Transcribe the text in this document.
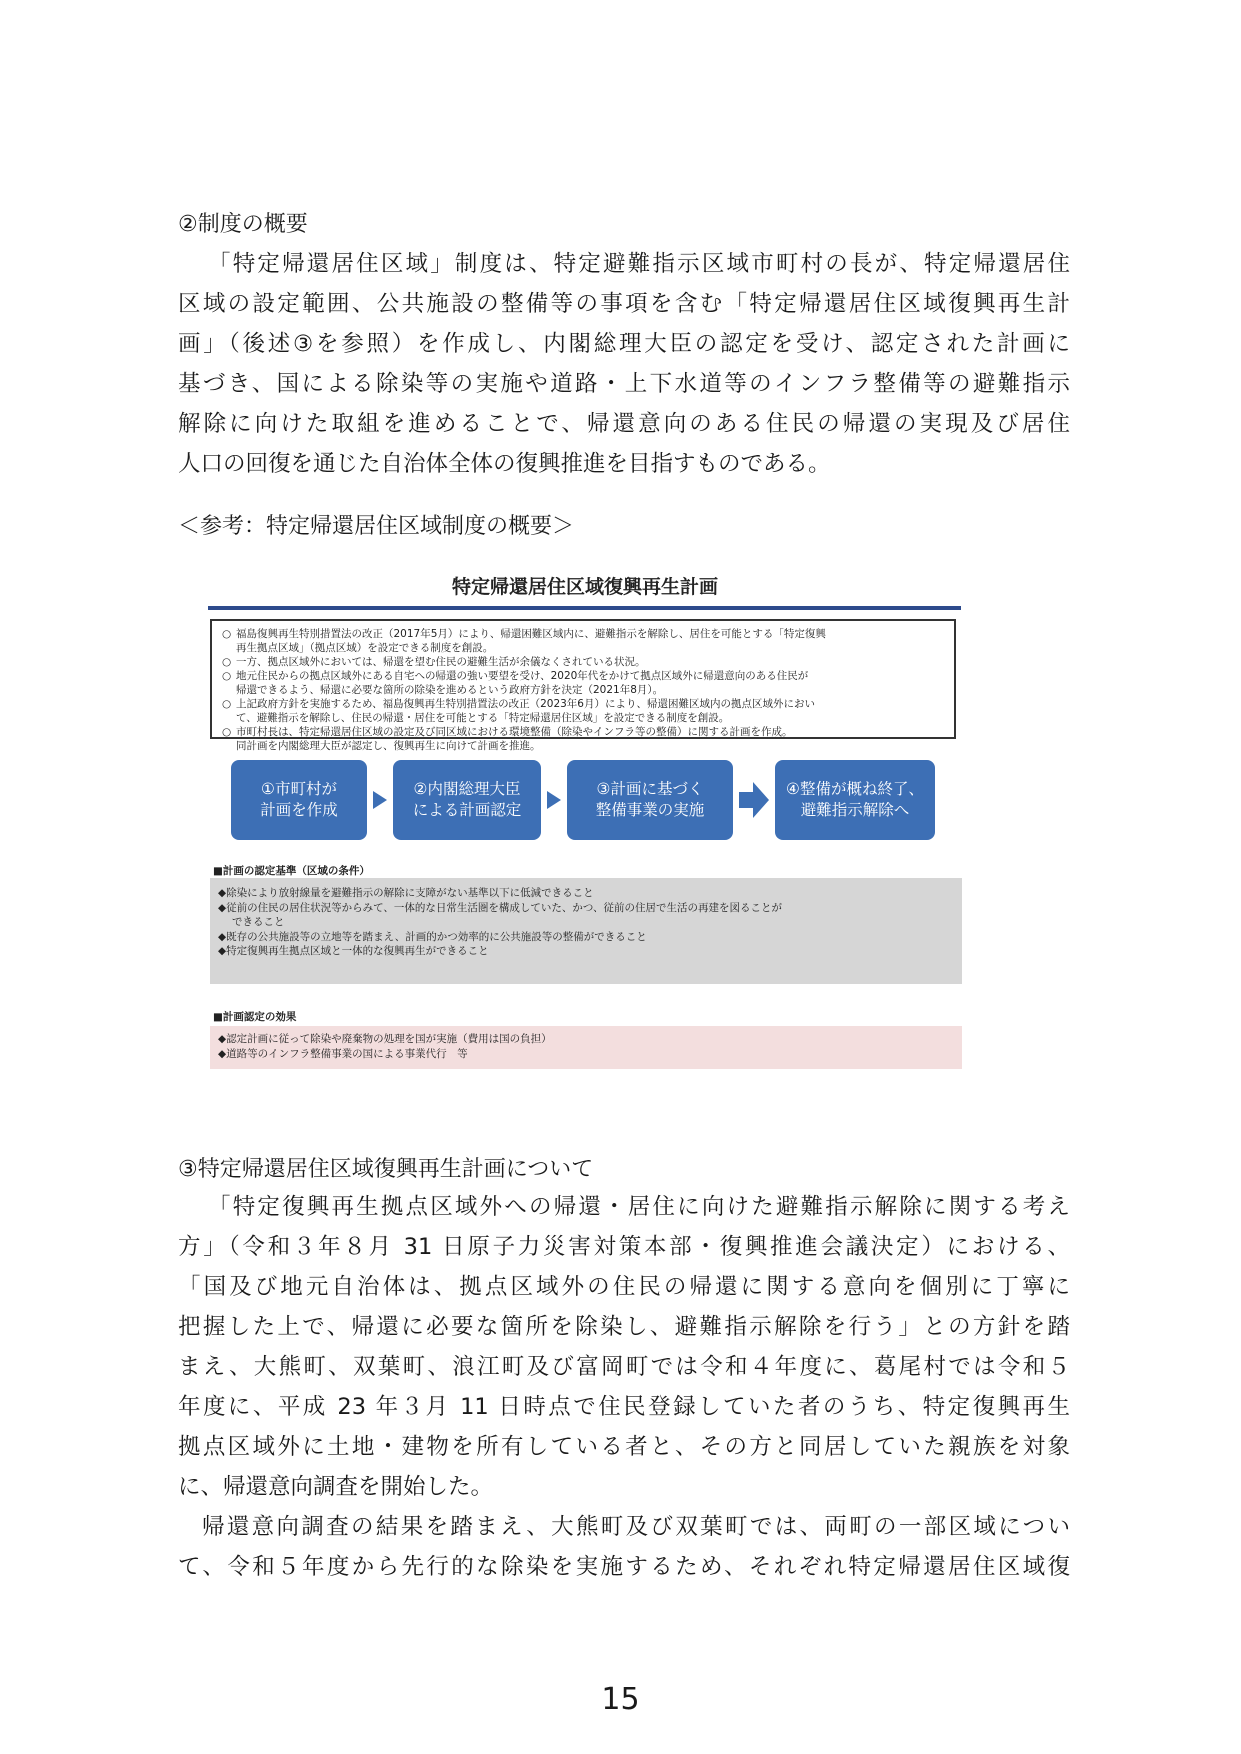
②制度の概要
「特定帰還居住区域」制度は、特定避難指示区域市町村の長が、特定帰還居住
区域の設定範囲、公共施設の整備等の事項を含む「特定帰還居住区域復興再生計
画」（後述③を参照）を作成し、内閣総理大臣の認定を受け、認定された計画に
基づき、国による除染等の実施や道路・上下水道等のインフラ整備等の避難指示
解除に向けた取組を進めることで、帰還意向のある住民の帰還の実現及び居住
人口の回復を通じた自治体全体の復興推進を目指すものである。
＜参考：特定帰還居住区域制度の概要＞
特定帰還居住区域復興再生計画

○ 福島復興再生特別措置法の改正（2017年5月）により、帰還困難区域内に、避難指示を解除し、居住を可能とする「特定復興

再生拠点区域」（拠点区域）を設定できる制度を創設。

○ 一方、拠点区域外においては、帰還を望む住民の避難生活が余儀なくされている状況。

○ 地元住民からの拠点区域外にある自宅への帰還の強い要望を受け、2020年代をかけて拠点区域外に帰還意向のある住民が

帰還できるよう、帰還に必要な箇所の除染を進めるという政府方針を決定（2021年8月）。

○ 上記政府方針を実施するため、福島復興再生特別措置法の改正（2023年6月）により、帰還困難区域内の拠点区域外におい

て、避難指示を解除し、住民の帰還・居住を可能とする「特定帰還居住区域」を設定できる制度を創設。

○ 市町村長は、特定帰還居住区域の設定及び同区域における環境整備（除染やインフラ等の整備）に関する計画を作成。

同計画を内閣総理大臣が認定し、復興再生に向けて計画を推進。

①市町村が
計画を作成
②内閣総理大臣
による計画認定
③計画に基づく
整備事業の実施
④整備が概ね終了、
避難指示解除へ
■計画の認定基準（区域の条件）

◆除染により放射線量を避難指示の解除に支障がない基準以下に低減できること

◆従前の住民の居住状況等からみて、一体的な日常生活圏を構成していた、かつ、従前の住居で生活の再建を図ることが

できること

◆既存の公共施設等の立地等を踏まえ、計画的かつ効率的に公共施設等の整備ができること

◆特定復興再生拠点区域と一体的な復興再生ができること

■計画認定の効果

◆認定計画に従って除染や廃棄物の処理を国が実施（費用は国の負担）

◆道路等のインフラ整備事業の国による事業代行　等

③特定帰還居住区域復興再生計画について
「特定復興再生拠点区域外への帰還・居住に向けた避難指示解除に関する考え
方」（令和３年８月 31 日原子力災害対策本部・復興推進会議決定）における、
「国及び地元自治体は、拠点区域外の住民の帰還に関する意向を個別に丁寧に
把握した上で、帰還に必要な箇所を除染し、避難指示解除を行う」との方針を踏
まえ、大熊町、双葉町、浪江町及び富岡町では令和４年度に、葛尾村では令和５
年度に、平成 23 年３月 11 日時点で住民登録していた者のうち、特定復興再生
拠点区域外に土地・建物を所有している者と、その方と同居していた親族を対象
に、帰還意向調査を開始した。
帰還意向調査の結果を踏まえ、大熊町及び双葉町では、両町の一部区域につい
て、令和５年度から先行的な除染を実施するため、それぞれ特定帰還居住区域復
15
